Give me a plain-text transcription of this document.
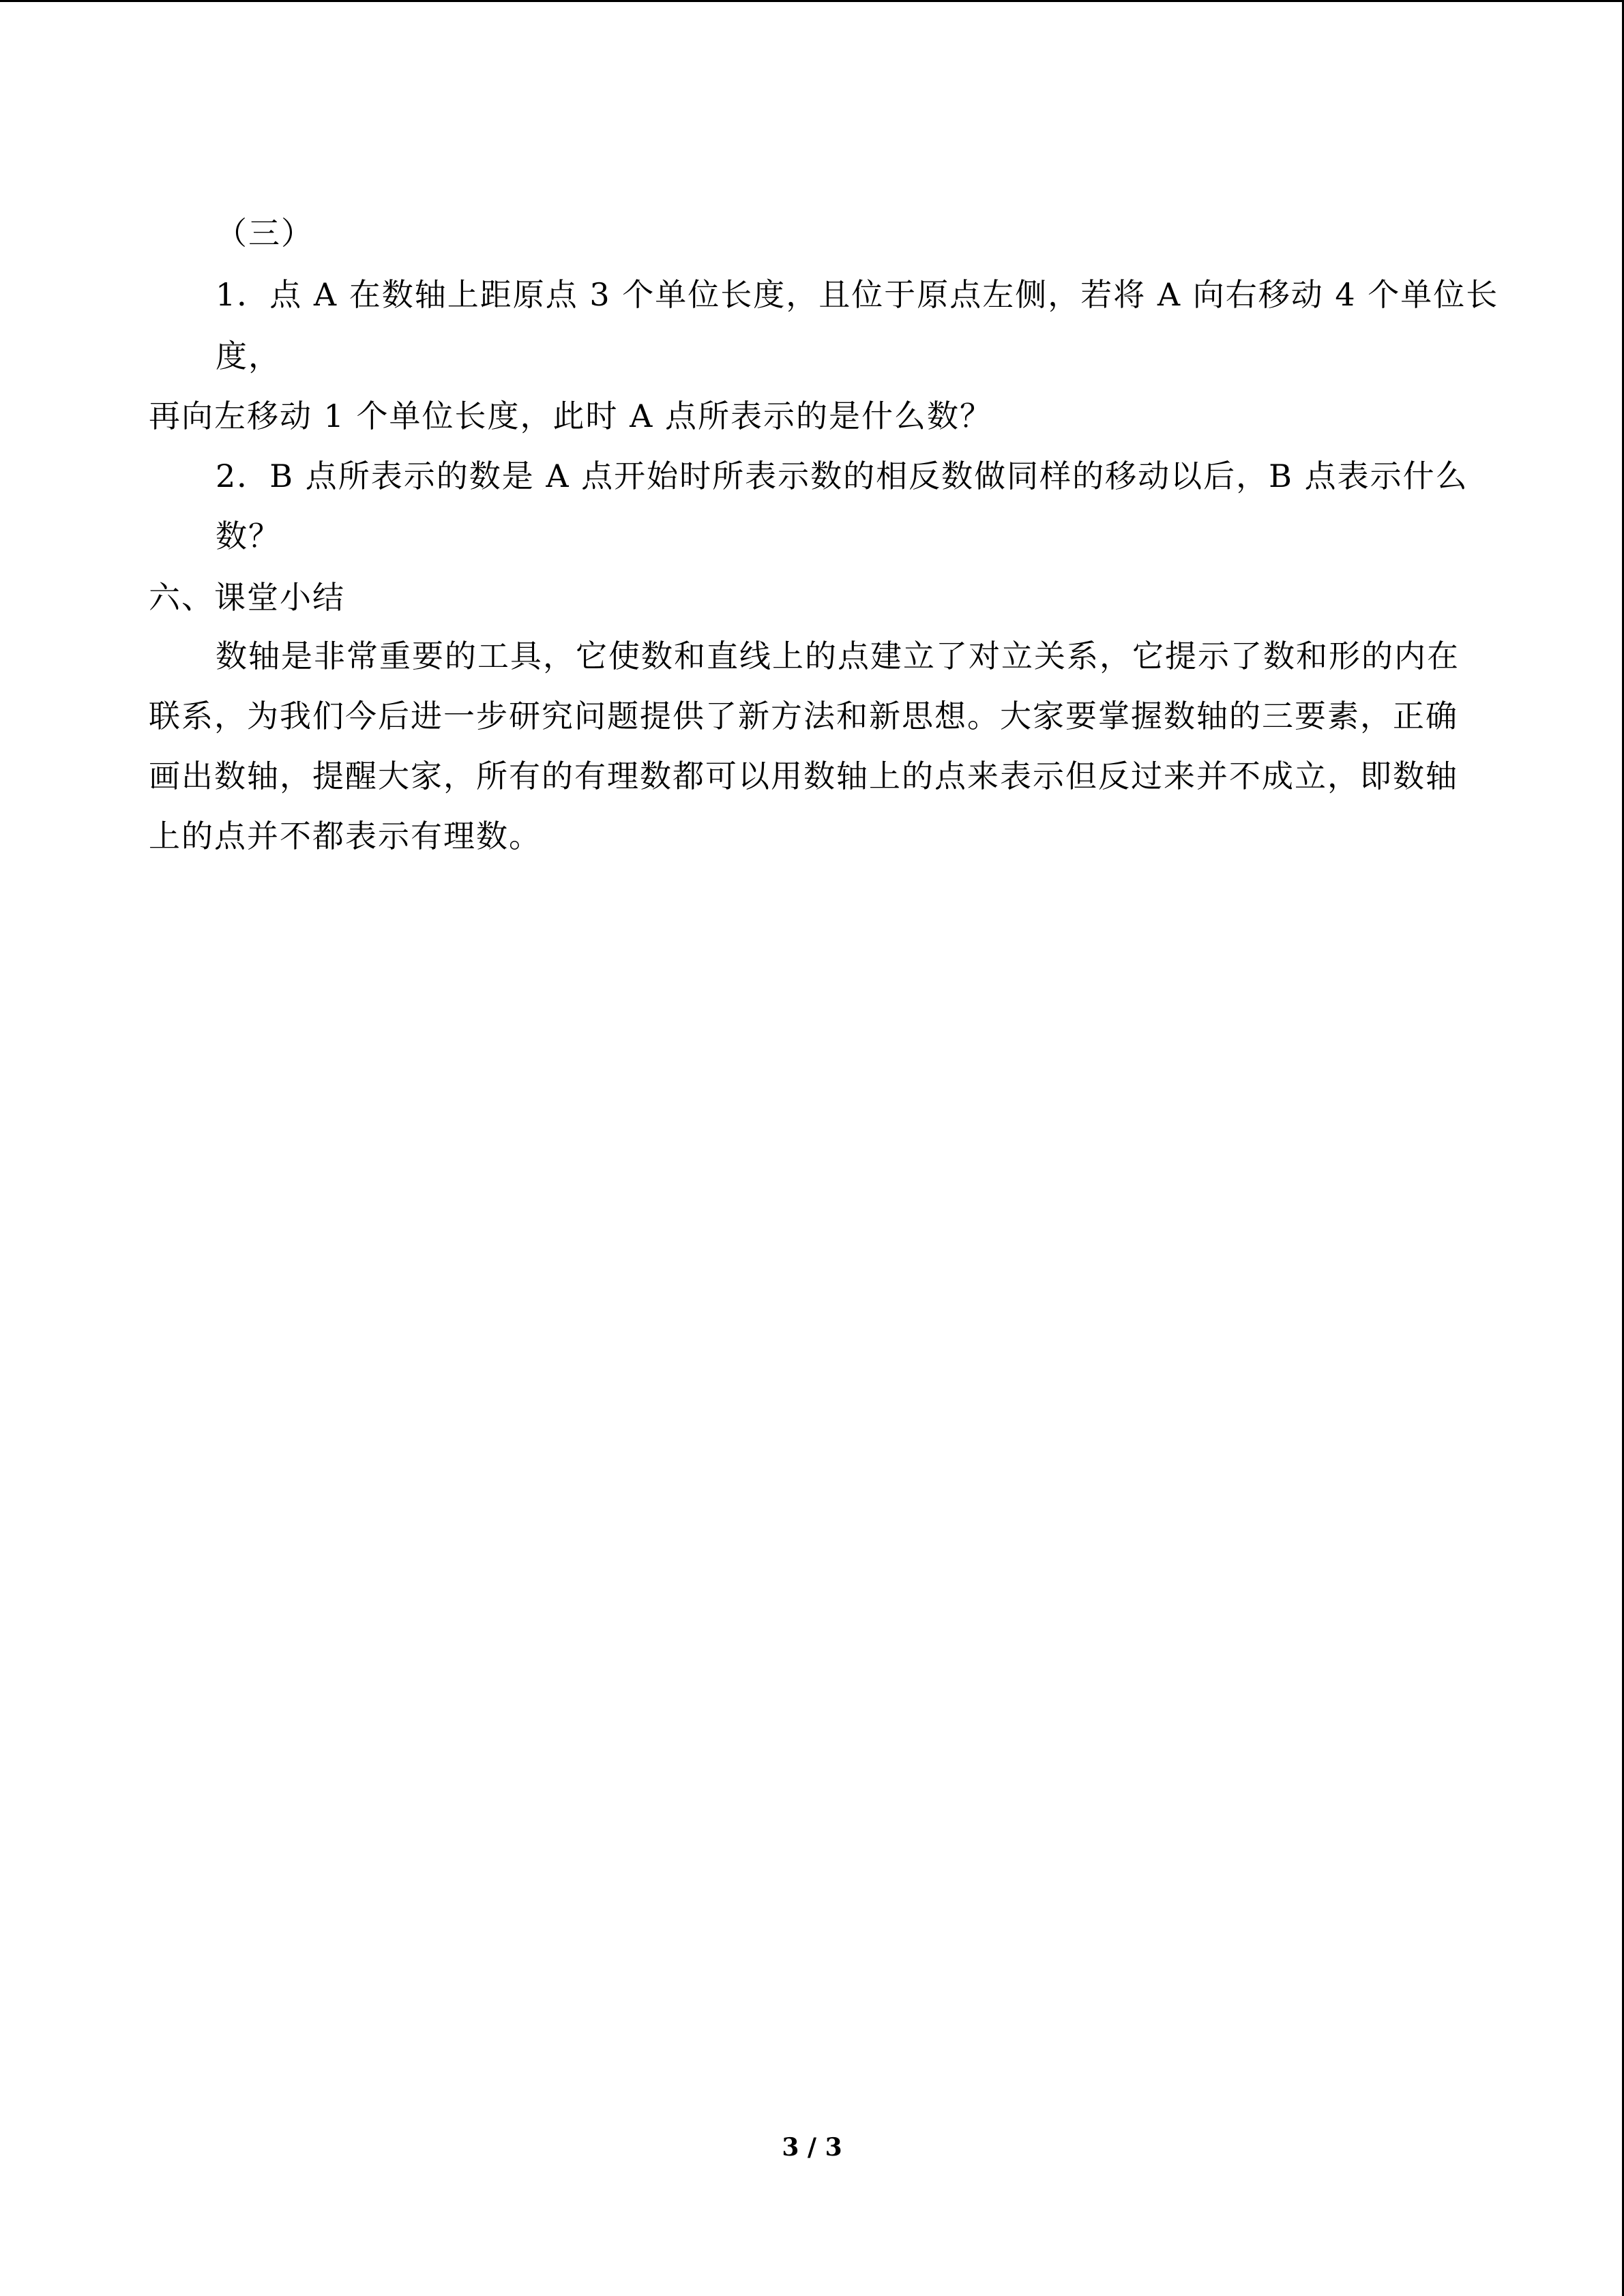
（三）
1．点 A 在数轴上距原点 3 个单位长度，且位于原点左侧，若将 A 向右移动 4 个单位长
度，
再向左移动 1 个单位长度，此时 A 点所表示的是什么数？
2．B 点所表示的数是 A 点开始时所表示数的相反数做同样的移动以后，B 点表示什么
数？
六、课堂小结
数轴是非常重要的工具，它使数和直线上的点建立了对立关系，它提示了数和形的内在
联系，为我们今后进一步研究问题提供了新方法和新思想。大家要掌握数轴的三要素，正确
画出数轴，提醒大家，所有的有理数都可以用数轴上的点来表示但反过来并不成立，即数轴
上的点并不都表示有理数。
3 / 3
